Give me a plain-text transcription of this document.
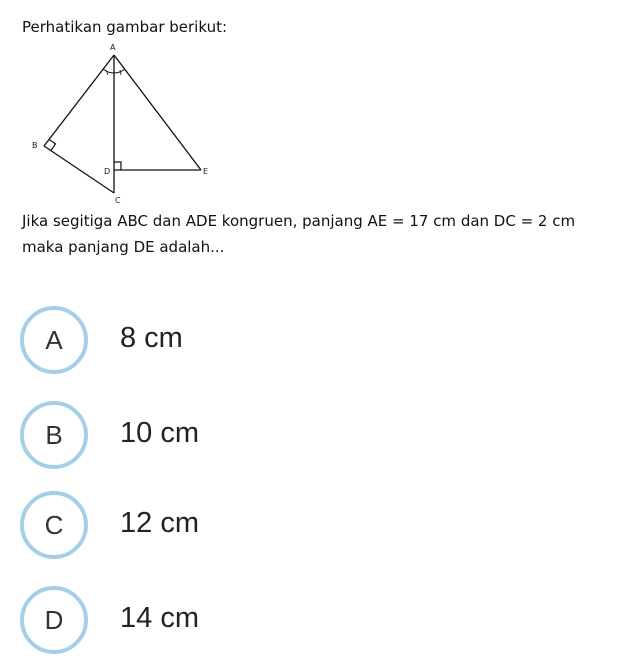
Perhatikan gambar berikut:
A
B
C
D	E
Jika segitiga ABC dan ADE kongruen, panjang AE = 17 cm dan DC = 2 cm
maka panjang DE adalah...
A	8 cm
B	10 cm
C	12 cm
D	14 cm
